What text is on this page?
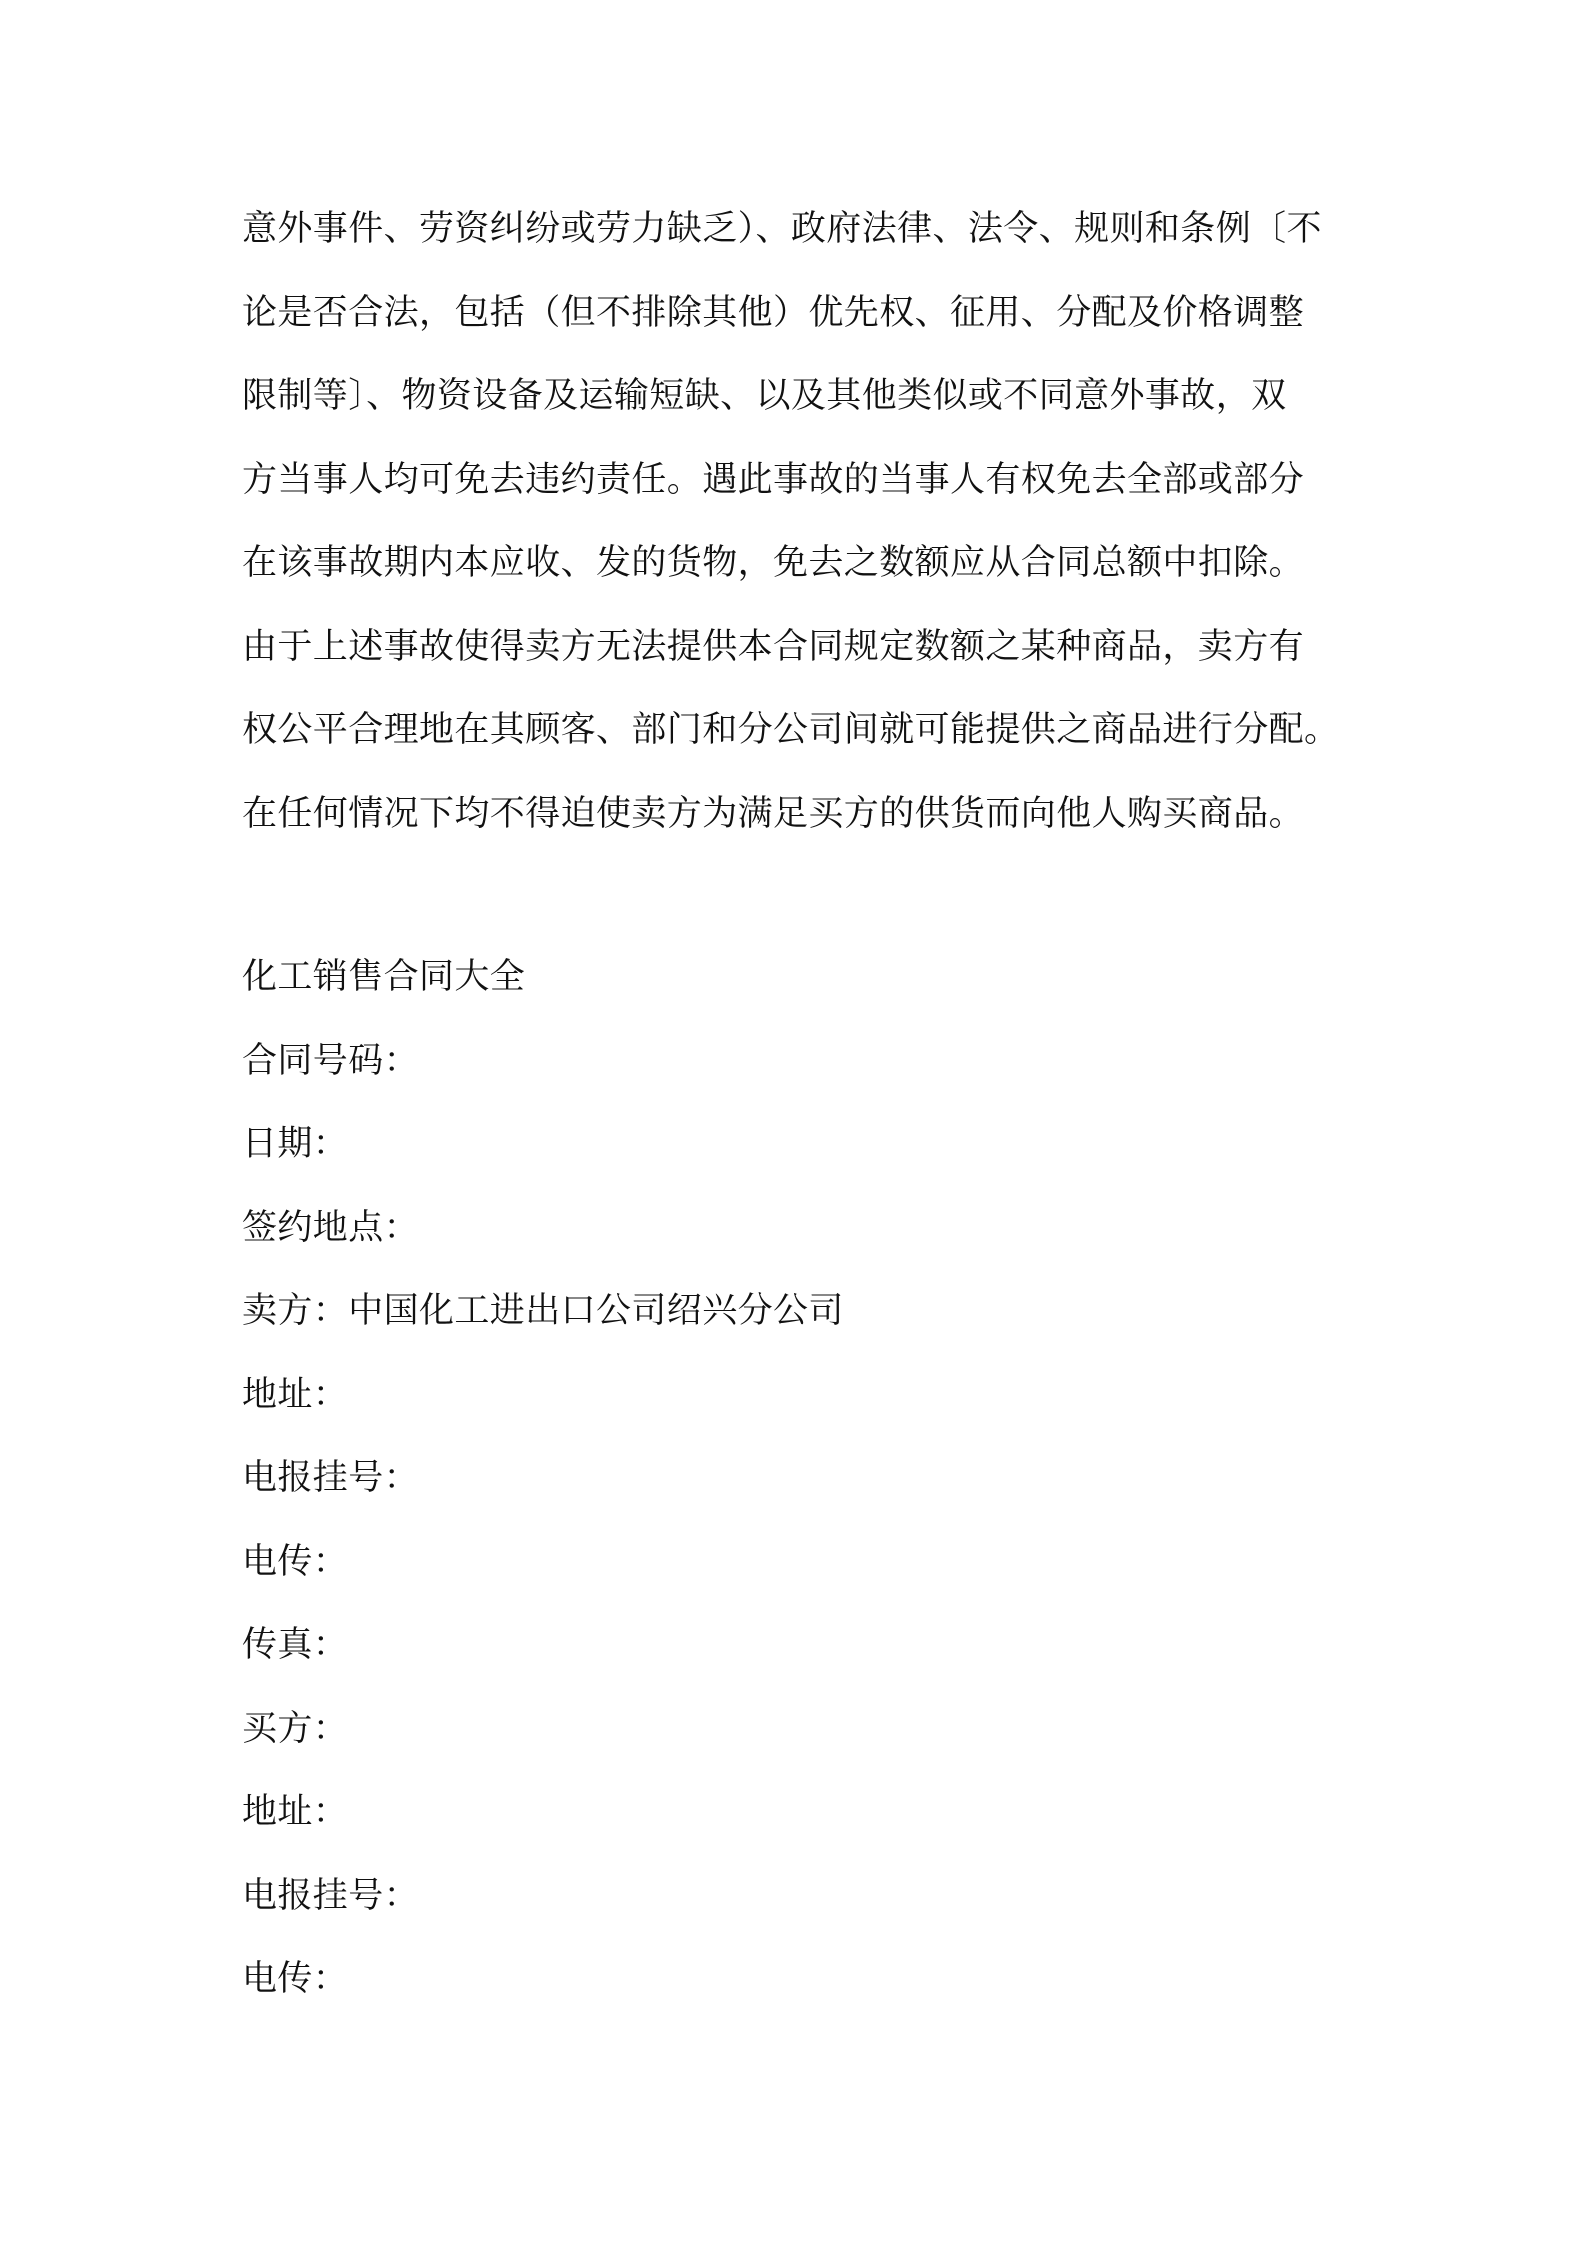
意外事件、劳资纠纷或劳力缺乏）、政府法律、法令、规则和条例〔不
论是否合法，包括（但不排除其他）优先权、征用、分配及价格调整
限制等〕、物资设备及运输短缺、以及其他类似或不同意外事故，双
方当事人均可免去违约责任。遇此事故的当事人有权免去全部或部分
在该事故期内本应收、发的货物，免去之数额应从合同总额中扣除。
由于上述事故使得卖方无法提供本合同规定数额之某种商品，卖方有
权公平合理地在其顾客、部门和分公司间就可能提供之商品进行分配。
在任何情况下均不得迫使卖方为满足买方的供货而向他人购买商品。
化工销售合同大全
合同号码：
日期：
签约地点：
卖方：中国化工进出口公司绍兴分公司
地址：
电报挂号：
电传：
传真：
买方：
地址：
电报挂号：
电传：
